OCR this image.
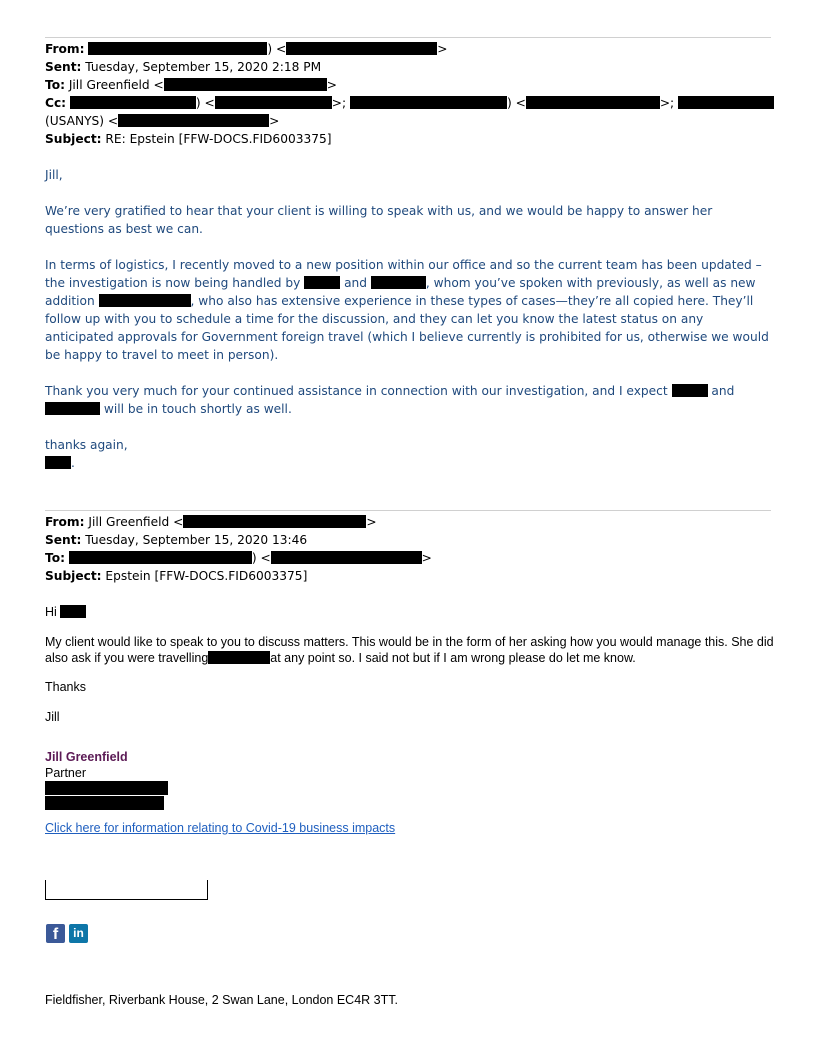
From:	) <	>
Sent: Tuesday, September 15, 2020 2:18 PM
To: Jill Greenfield <	>
Cc:	) <	>;	) <	>;
(USANYS) <	>
Subject: RE: Epstein [FFW-DOCS.FID6003375]
Jill,

We’re very gratified to hear that your client is willing to speak with us, and we would be happy to answer her questions as best we can.

In terms of logistics, I recently moved to a new position within our office and so the current team has been updated – the investigation is now being handled by	and	, whom you’ve spoken with previously, as well as new addition	, who also has extensive experience in these types of cases—they’re all copied here. They’ll follow up with you to schedule a time for the discussion, and they can let you know the latest status on any anticipated approvals for Government foreign travel (which I believe currently is prohibited for us, otherwise we would be happy to travel to meet in person).

Thank you very much for your continued assistance in connection with our investigation, and I expect	and  will be in touch shortly as well.

thanks again,
.
From: Jill Greenfield <	>
Sent: Tuesday, September 15, 2020 13:46
To:	) <	>
Subject: Epstein [FFW-DOCS.FID6003375]
Hi

My client would like to speak to you to discuss matters. This would be in the form of her asking how you would manage this. She did also ask if you were travelling	at any point so. I said not but if I am wrong please do let me know.

Thanks
Jill
Jill Greenfield
Partner
Click here for information relating to Covid-19 business impacts
f	in
Fieldfisher, Riverbank House, 2 Swan Lane, London EC4R 3TT.
